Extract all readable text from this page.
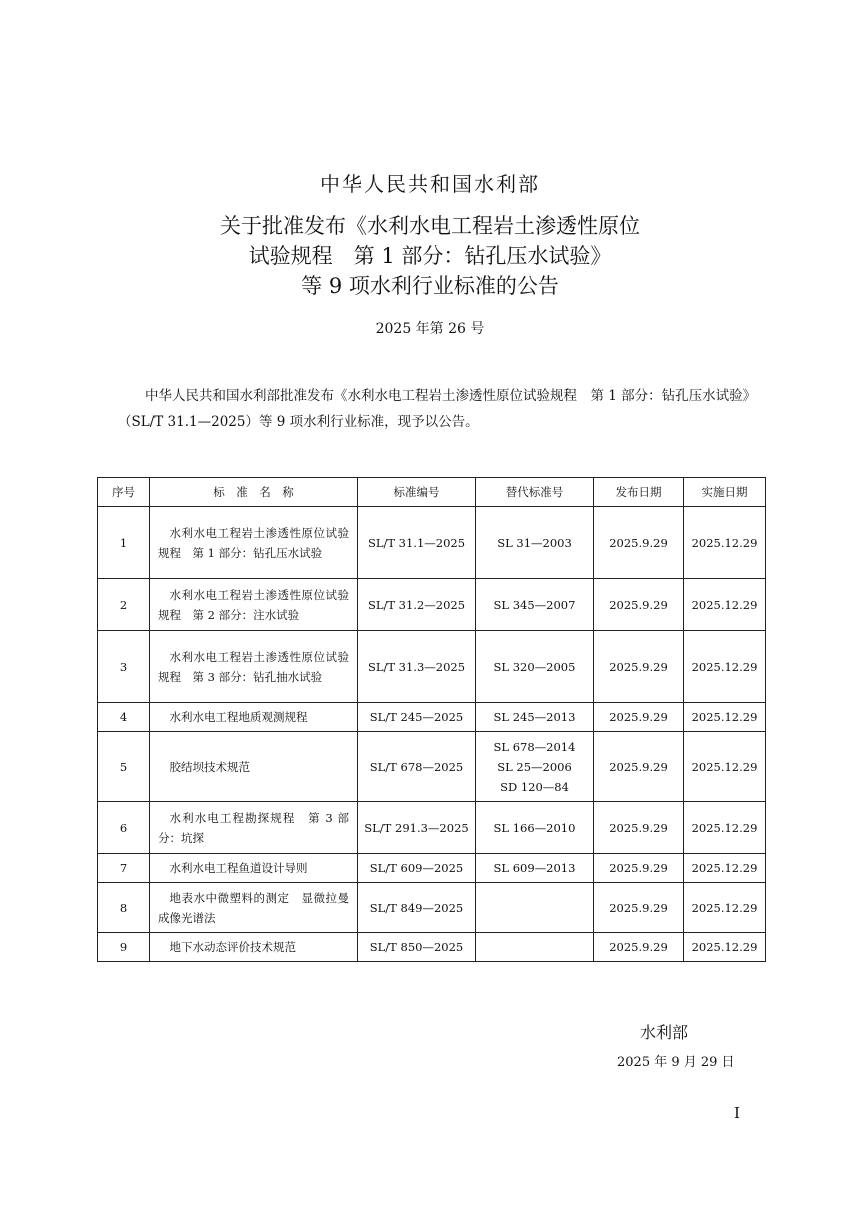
中华人民共和国水利部
关于批准发布《水利水电工程岩土渗透性原位
试验规程　第 1 部分：钻孔压水试验》
等 9 项水利行业标准的公告
2025 年第 26 号
中华人民共和国水利部批准发布《水利水电工程岩土渗透性原位试验规程　第 1 部分：钻孔压水试验》（SL/T 31.1—2025）等 9 项水利行业标准，现予以公告。
序号	标　准　名　称	标准编号	替代标准号	发布日期	实施日期
1	水利水电工程岩土渗透性原位试验规程　第 1 部分：钻孔压水试验	SL/T 31.1—2025	SL 31—2003	2025.9.29	2025.12.29
2	水利水电工程岩土渗透性原位试验规程　第 2 部分：注水试验	SL/T 31.2—2025	SL 345—2007	2025.9.29	2025.12.29
3	水利水电工程岩土渗透性原位试验规程　第 3 部分：钻孔抽水试验	SL/T 31.3—2025	SL 320—2005	2025.9.29	2025.12.29
4	水利水电工程地质观测规程	SL/T 245—2025	SL 245—2013	2025.9.29	2025.12.29
5	胶结坝技术规范	SL/T 678—2025	SL 678—2014
SL 25—2006
SD 120—84	2025.9.29	2025.12.29
6	水利水电工程勘探规程　第 3 部分：坑探	SL/T 291.3—2025	SL 166—2010	2025.9.29	2025.12.29
7	水利水电工程鱼道设计导则	SL/T 609—2025	SL 609—2013	2025.9.29	2025.12.29
8	地表水中微塑料的测定　显微拉曼成像光谱法	SL/T 849—2025		2025.9.29	2025.12.29
9	地下水动态评价技术规范	SL/T 850—2025		2025.9.29	2025.12.29
水利部
2025 年 9 月 29 日
Ⅰ
